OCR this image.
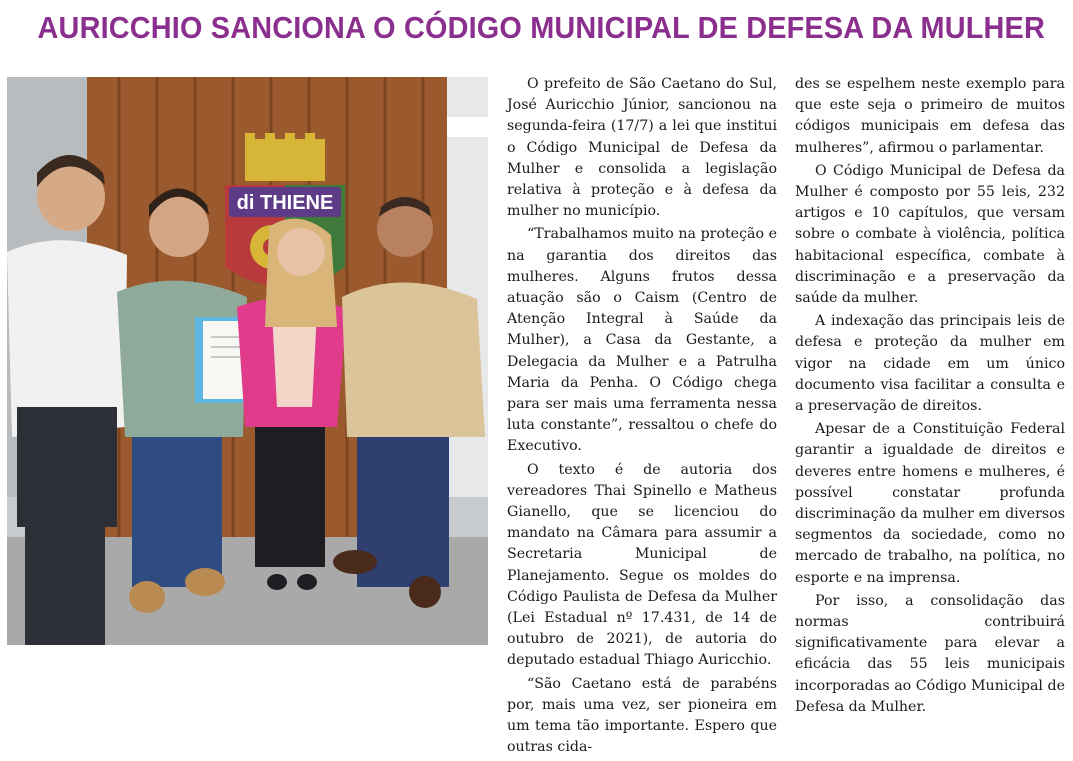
AURICCHIO SANCIONA O CÓDIGO MUNICIPAL DE DEFESA DA MULHER
di THIENE

O prefeito de São Caetano do Sul, José Auricchio Júnior, sancionou na segunda-feira (17/7) a lei que institui o Código Municipal de Defesa da Mulher e consolida a legislação relativa à proteção e à defesa da mulher no município.

“Trabalhamos muito na proteção e na garantia dos direitos das mulheres. Alguns frutos dessa atuação são o Caism (Centro de Atenção Integral à Saúde da Mulher), a Casa da Gestante, a Delegacia da Mulher e a Patrulha Maria da Penha. O Código chega para ser mais uma ferramenta nessa luta constante”, ressaltou o chefe do Executivo.

O texto é de autoria dos vereadores Thai Spinello e Matheus Gianello, que se licenciou do mandato na Câmara para assumir a Secretaria Municipal de Planejamento. Segue os moldes do Código Paulista de Defesa da Mulher (Lei Estadual nº 17.431, de 14 de outubro de 2021), de autoria do deputado estadual Thiago Auricchio.

“São Caetano está de parabéns por, mais uma vez, ser pioneira em um tema tão importante. Espero que outras cida-

des se espelhem neste exemplo para que este seja o primeiro de muitos códigos municipais em defesa das mulheres”, afirmou o parlamentar.

O Código Municipal de Defesa da Mulher é composto por 55 leis, 232 artigos e 10 capítulos, que versam sobre o combate à violência, política habitacional específica, combate à discriminação e a preservação da saúde da mulher.

A indexação das principais leis de defesa e proteção da mulher em vigor na cidade em um único documento visa facilitar a consulta e a preservação de direitos.

Apesar de a Constituição Federal garantir a igualdade de direitos e deveres entre homens e mulheres, é possível constatar profunda discriminação da mulher em diversos segmentos da sociedade, como no mercado de trabalho, na política, no esporte e na imprensa.

Por isso, a consolidação das normas contribuirá significativamente para elevar a eficácia das 55 leis municipais incorporadas ao Código Municipal de Defesa da Mulher.
